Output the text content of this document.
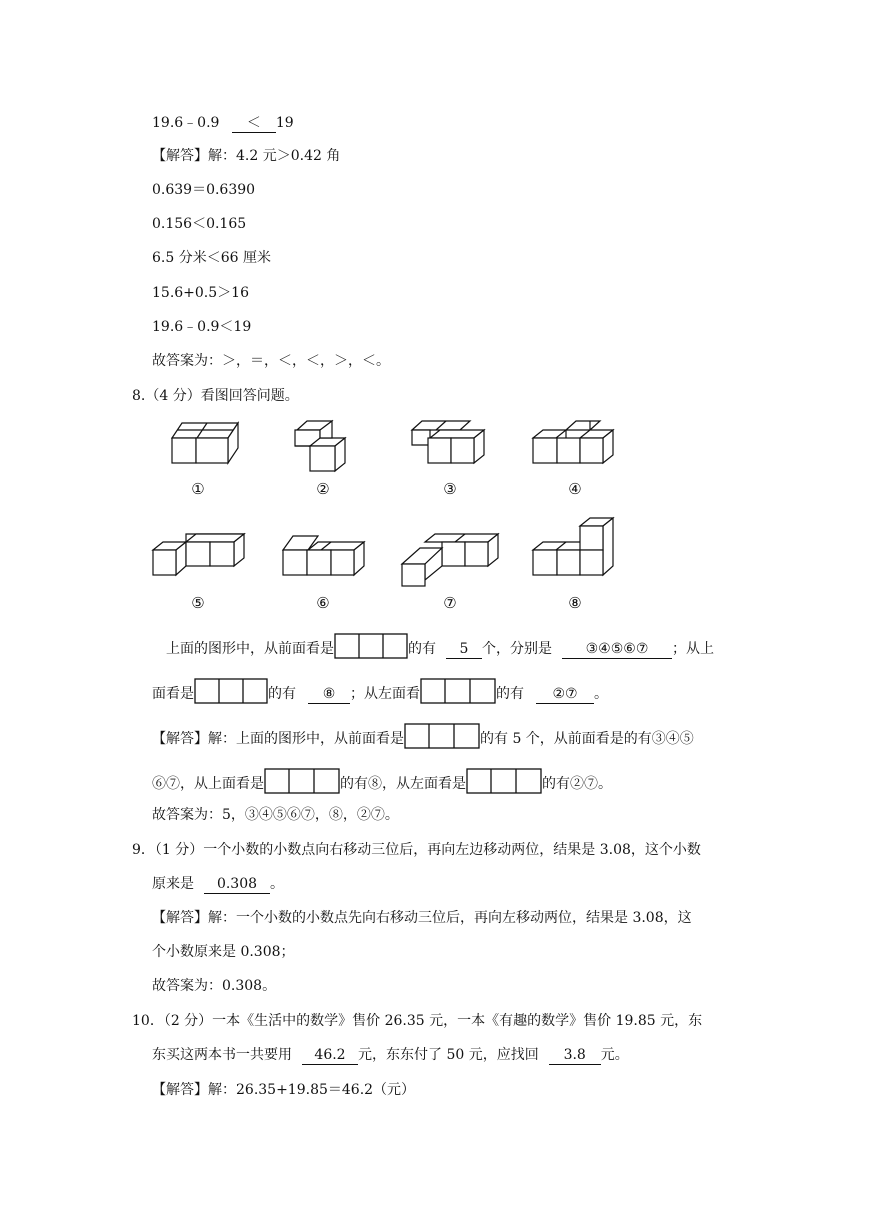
19.6﹣0.9 ＜ 19
【解答】解：4.2 元＞0.42 角
0.639＝0.6390
0.156＜0.165
6.5 分米＜66 厘米
15.6+0.5＞16
19.6﹣0.9＜19
故答案为：＞，＝，＜，＜，＞，＜。
8.（4 分）看图回答问题。
①	②	③	④
⑤	⑥	⑦	⑧
上面的图形中，从前面看是	的有 5 个，分别是 ③④⑤⑥⑦ ；从上
面看是	的有 ⑧ ；从左面看	的有 ②⑦ 。
【解答】解：上面的图形中，从前面看是	的有 5 个，从前面看是的有③④⑤
⑥⑦，从上面看是	的有⑧，从左面看是	的有②⑦。
故答案为：5，③④⑤⑥⑦，⑧，②⑦。
9．（1 分）一个小数的小数点向右移动三位后，再向左边移动两位，结果是 3.08，这个小数
原来是 0.308 。
【解答】解：一个小数的小数点先向右移动三位后，再向左移动两位，结果是 3.08，这
个小数原来是 0.308；
故答案为：0.308。
10．（2 分）一本《生活中的数学》售价 26.35 元，一本《有趣的数学》售价 19.85 元，东
东买这两本书一共要用 46.2 元，东东付了 50 元，应找回 3.8 元。
【解答】解：26.35+19.85＝46.2（元）
